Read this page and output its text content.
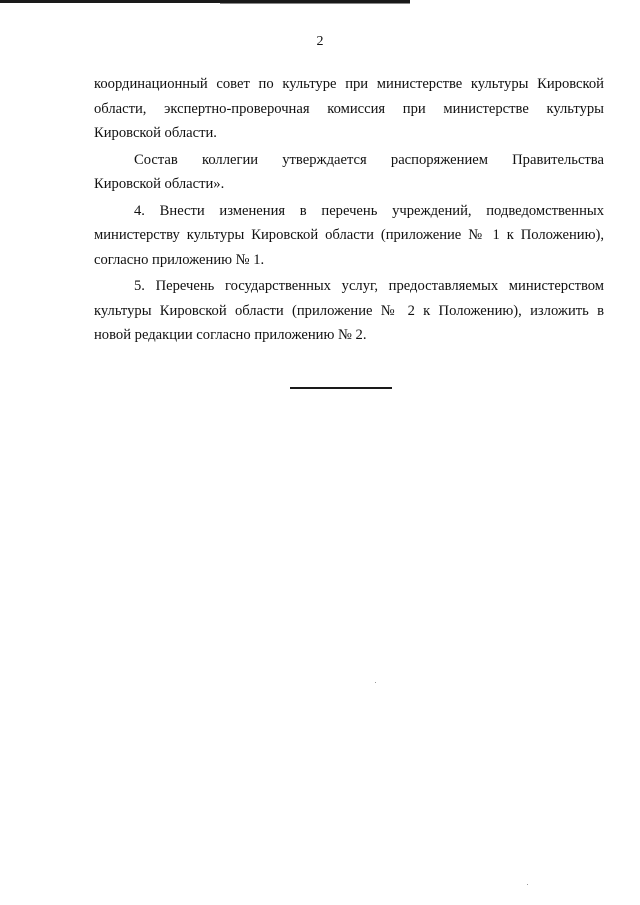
2
координационный совет по культуре при министерстве культуры Кировской
области, экспертно-проверочная комиссия при министерстве культуры
Кировской области.
Состав коллегии утверждается распоряжением Правительства
Кировской области».
4. Внести изменения в перечень учреждений, подведомственных
министерству культуры Кировской области (приложение № 1 к Положению),
согласно приложению № 1.
5. Перечень государственных услуг, предоставляемых министерством
культуры Кировской области (приложение № 2 к Положению), изложить в
новой редакции согласно приложению № 2.
